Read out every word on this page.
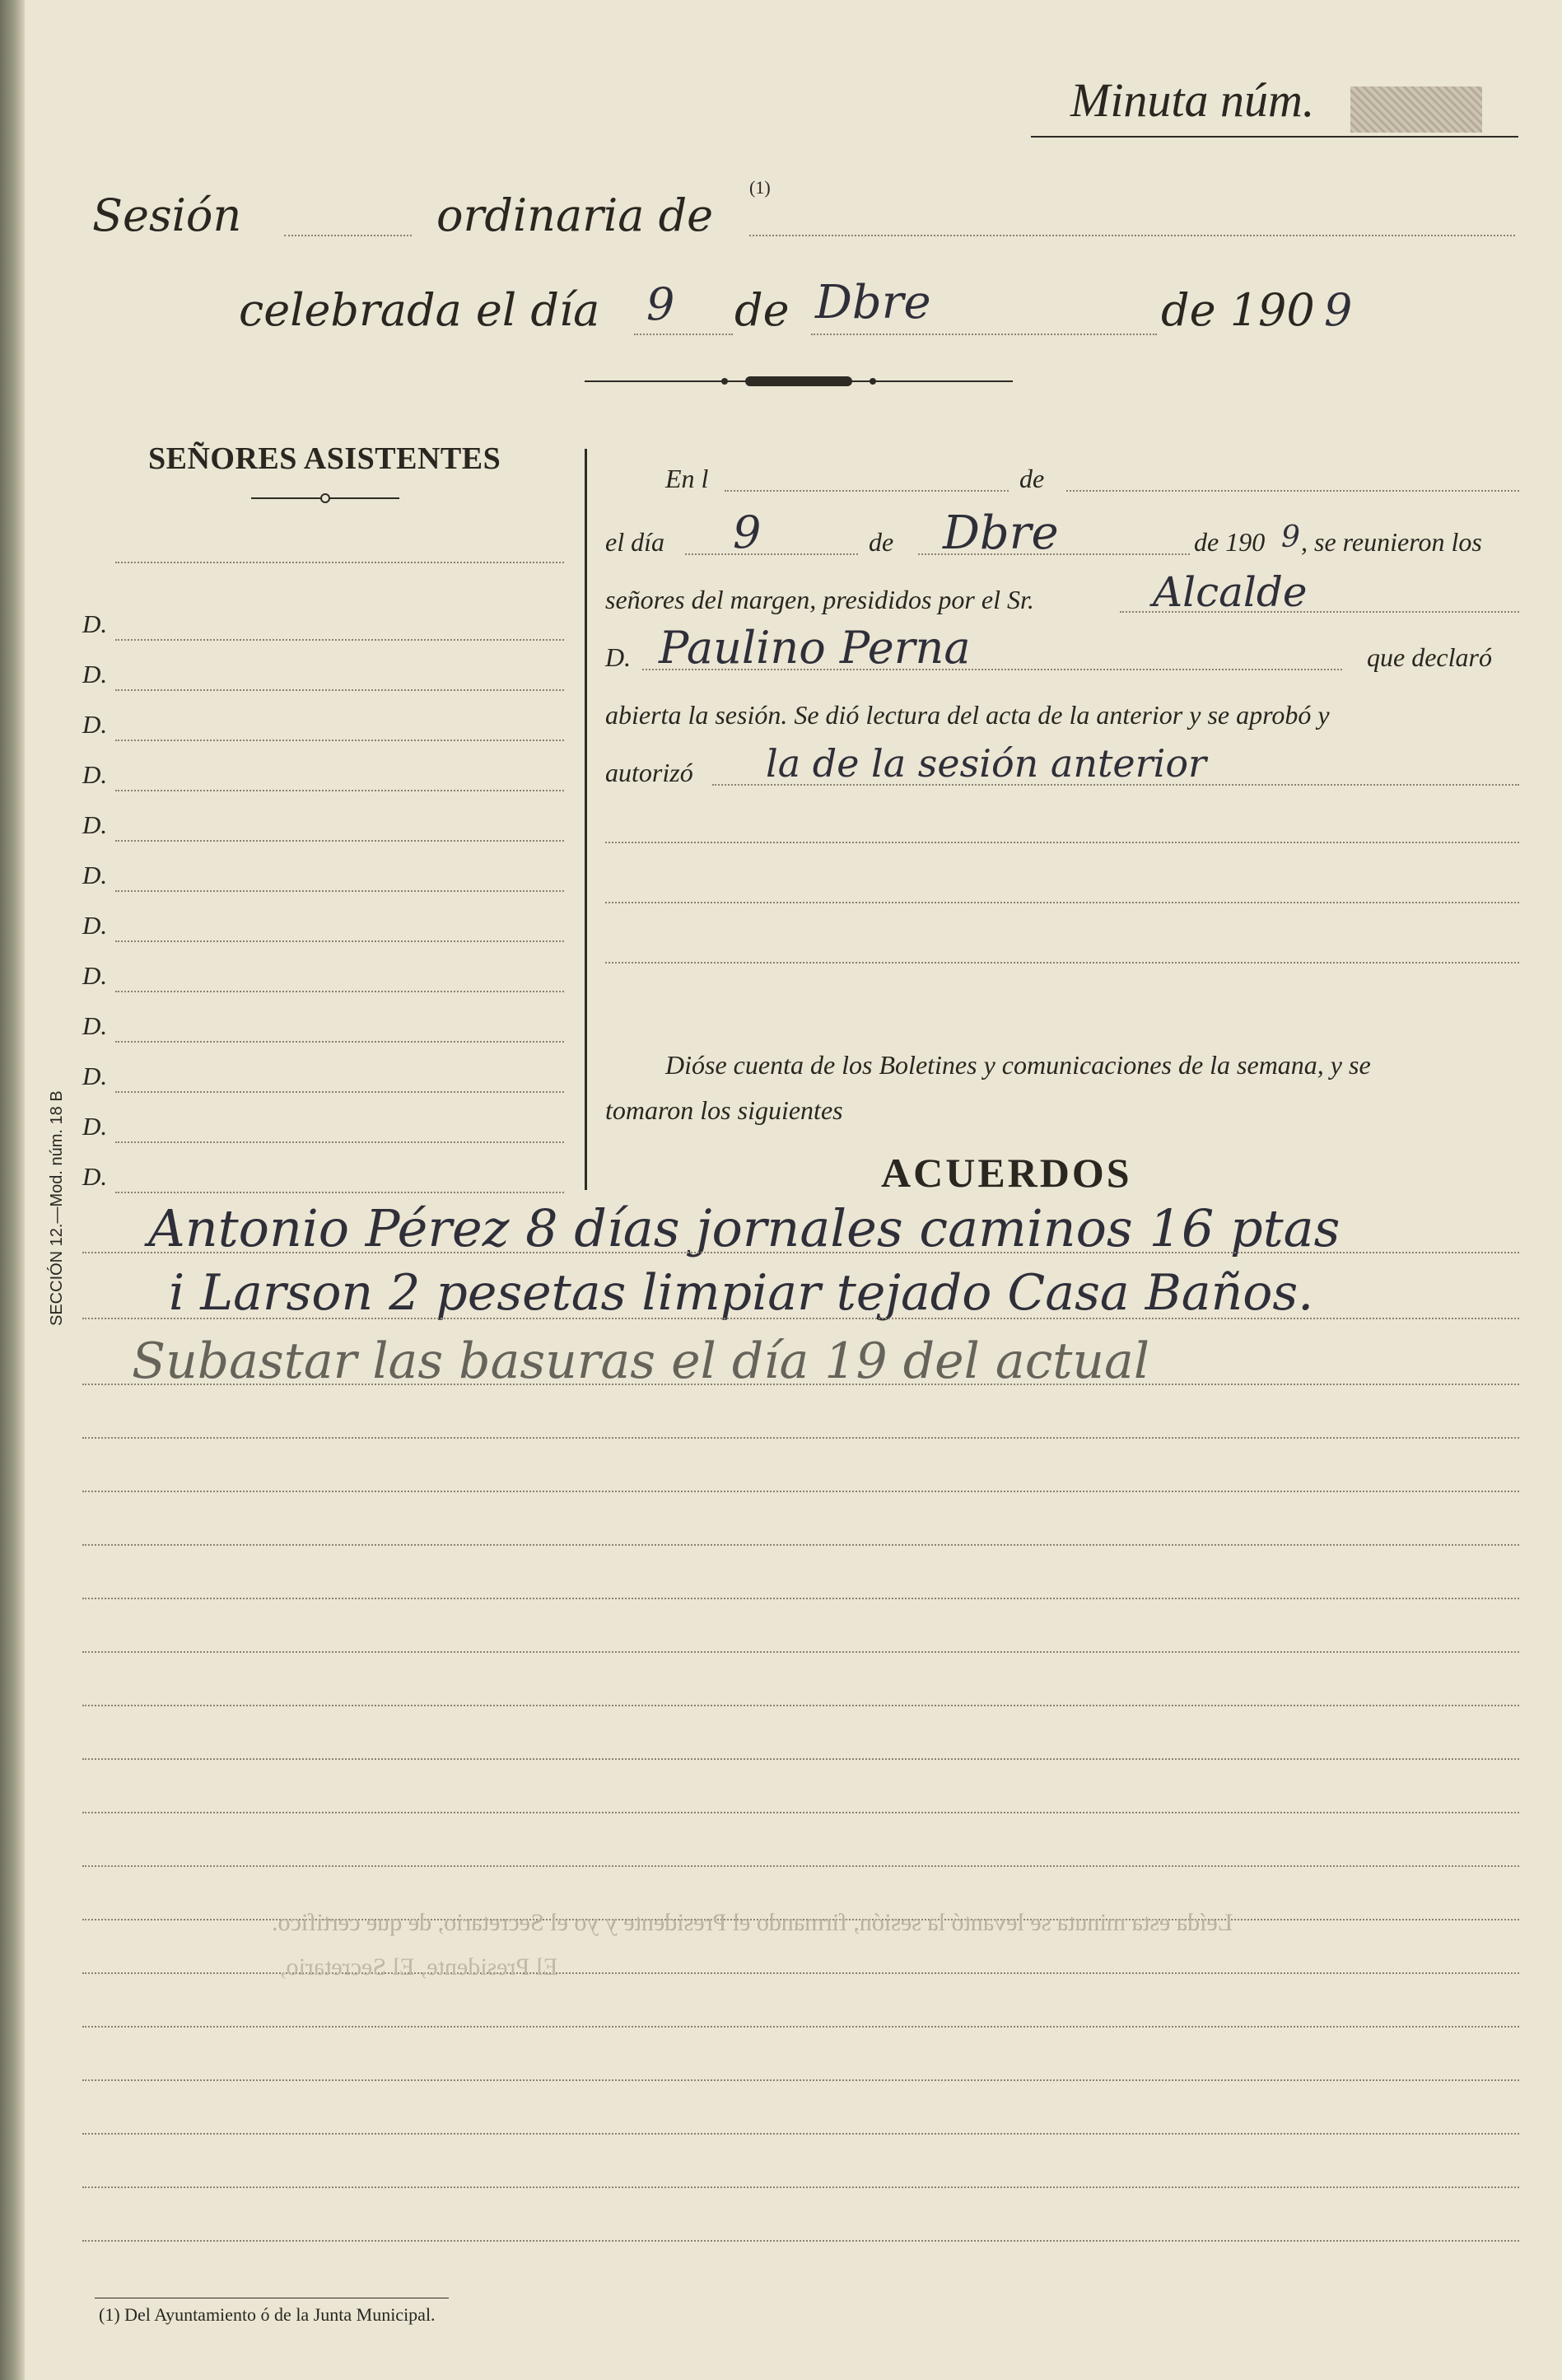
Minuta núm.
Sesión	ordinaria de
(1)
celebrada el día 9 de Dbre	de 190 9
SEÑORES ASISTENTES
D.
D.
D.
D.
D.
D.
D.
D.
D.
D.
D.
D.
En l	de
el día 9	de Dbre	de 190 9 , se reunieron los
señores del margen, presididos por el Sr.	Alcalde
D. Paulino Perna	que declaró
abierta la sesión. Se dió lectura del acta de la anterior y se aprobó y
autorizó la de la sesión anterior
Dióse cuenta de los Boletines y comunicaciones de la semana, y se
tomaron los siguientes
ACUERDOS
Antonio Pérez 8 días jornales caminos 16 ptas
i Larson 2 pesetas limpiar tejado Casa Baños.
Subastar las basuras el día 19 del actual
Leída esta minuta se levantó la sesión, firmando el Presidente y yo el Secretario, de que certifico.
El Presidente, El Secretario,
SECCIÓN 12.—Mod. núm. 18 B
(1) Del Ayuntamiento ó de la Junta Municipal.
